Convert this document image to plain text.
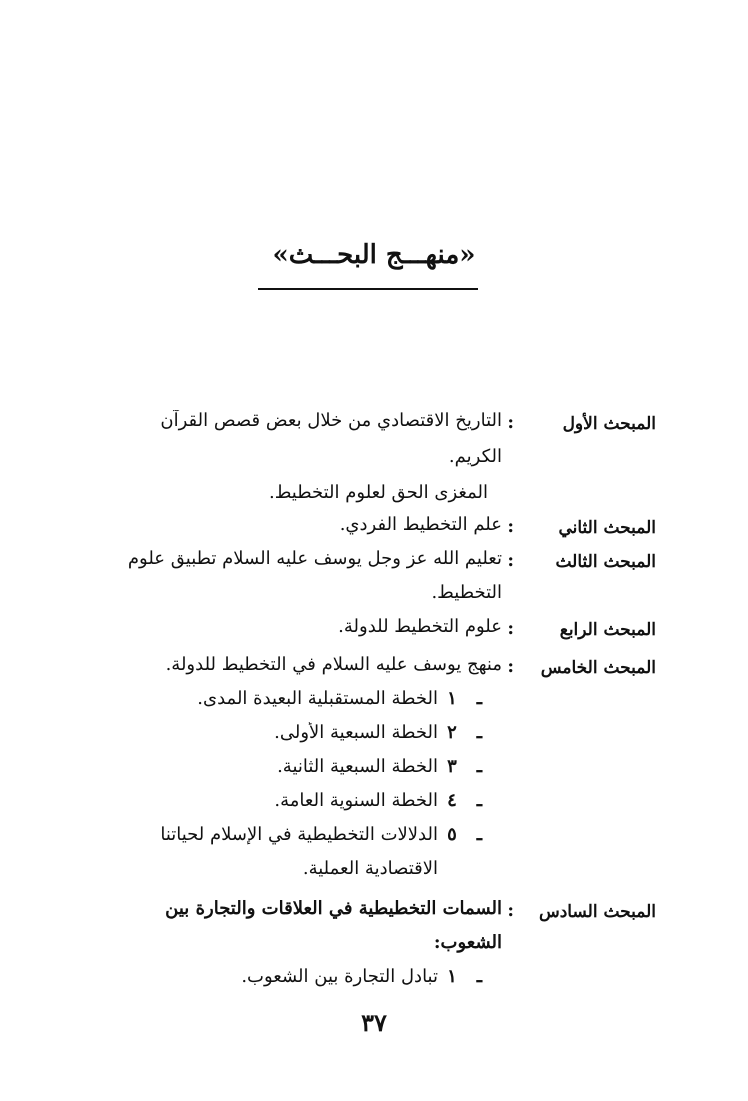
«منهـــج البحـــث»
المبحث الأول
:
التاريخ الاقتصادي من خلال بعض قصص القرآن
الكريم.
المغزى الحق لعلوم التخطيط.
المبحث الثاني
:
علم التخطيط الفردي.
المبحث الثالث
:
تعليم الله عز وجل يوسف عليه السلام تطبيق علوم
التخطيط.
المبحث الرابع
:
علوم التخطيط للدولة.
المبحث الخامس
:
منهج يوسف عليه السلام في التخطيط للدولة.
١ ـ
الخطة المستقبلية البعيدة المدى.
٢ ـ
الخطة السبعية الأولى.
٣ ـ
الخطة السبعية الثانية.
٤ ـ
الخطة السنوية العامة.
٥ ـ
الدلالات التخطيطية في الإسلام لحياتنا
الاقتصادية العملية.
المبحث السادس
:
السمات التخطيطية في العلاقات والتجارة بين
الشعوب:
١ ـ
تبادل التجارة بين الشعوب.
٣٧
